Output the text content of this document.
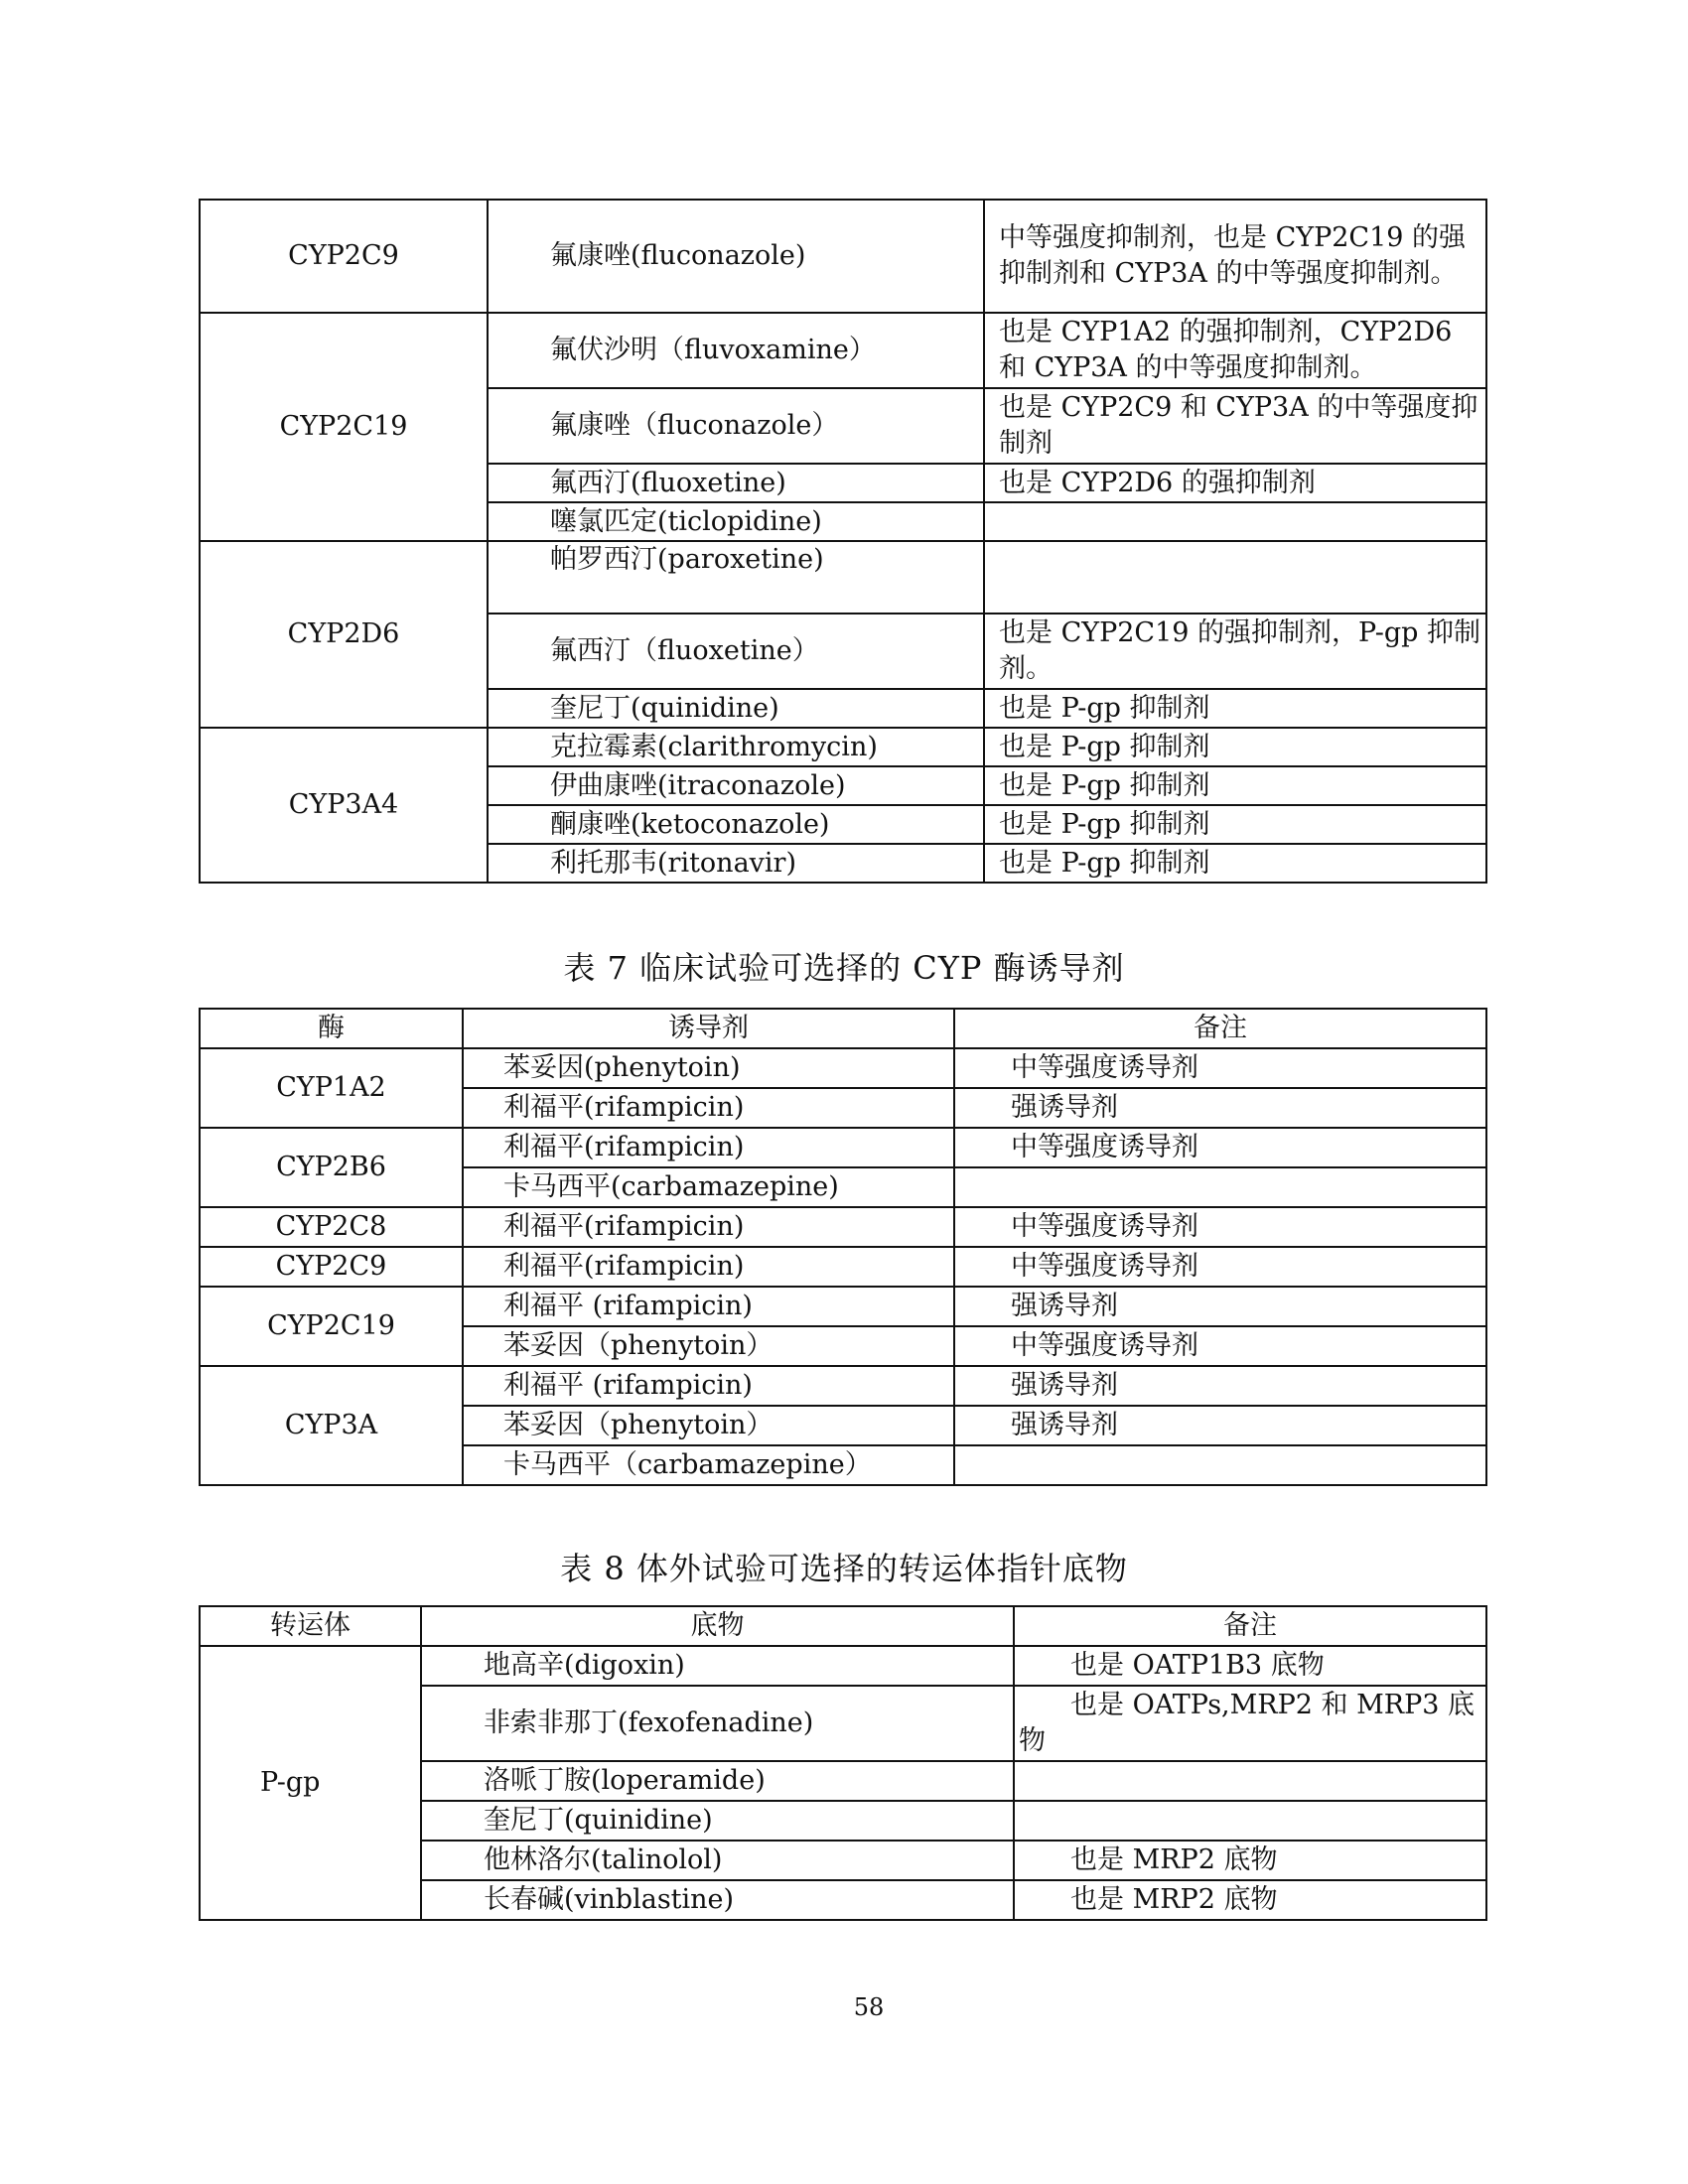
CYP2C9	氟康唑(fluconazole)	中等强度抑制剂，也是 CYP2C19 的强抑制剂和 CYP3A 的中等强度抑制剂。
CYP2C19	氟伏沙明（fluvoxamine）	也是 CYP1A2 的强抑制剂，CYP2D6 和 CYP3A 的中等强度抑制剂。
	氟康唑（fluconazole）	也是 CYP2C9 和 CYP3A 的中等强度抑制剂
	氟西汀(fluoxetine)	也是 CYP2D6 的强抑制剂
	噻氯匹定(ticlopidine)	
CYP2D6	帕罗西汀(paroxetine)	
	氟西汀（fluoxetine）	也是 CYP2C19 的强抑制剂，P-gp 抑制剂。
	奎尼丁(quinidine)	也是 P-gp 抑制剂
CYP3A4	克拉霉素(clarithromycin)	也是 P-gp 抑制剂
	伊曲康唑(itraconazole)	也是 P-gp 抑制剂
	酮康唑(ketoconazole)	也是 P-gp 抑制剂
	利托那韦(ritonavir)	也是 P-gp 抑制剂
表 7 临床试验可选择的 CYP 酶诱导剂
酶	诱导剂	备注
CYP1A2	苯妥因(phenytoin)	中等强度诱导剂
	利福平(rifampicin)	强诱导剂
CYP2B6	利福平(rifampicin)	中等强度诱导剂
	卡马西平(carbamazepine)	
CYP2C8	利福平(rifampicin)	中等强度诱导剂
CYP2C9	利福平(rifampicin)	中等强度诱导剂
CYP2C19	利福平 (rifampicin)	强诱导剂
	苯妥因（phenytoin）	中等强度诱导剂
CYP3A	利福平 (rifampicin)	强诱导剂
	苯妥因（phenytoin）	强诱导剂
	卡马西平（carbamazepine）	
表 8 体外试验可选择的转运体指针底物
转运体	底物	备注
P-gp	地高辛(digoxin)	也是 OATP1B3 底物
	非索非那丁(fexofenadine)	也是 OATPs,MRP2 和 MRP3 底物
	洛哌丁胺(loperamide)	
	奎尼丁(quinidine)	
	他林洛尔(talinolol)	也是 MRP2 底物
	长春碱(vinblastine)	也是 MRP2 底物
58
